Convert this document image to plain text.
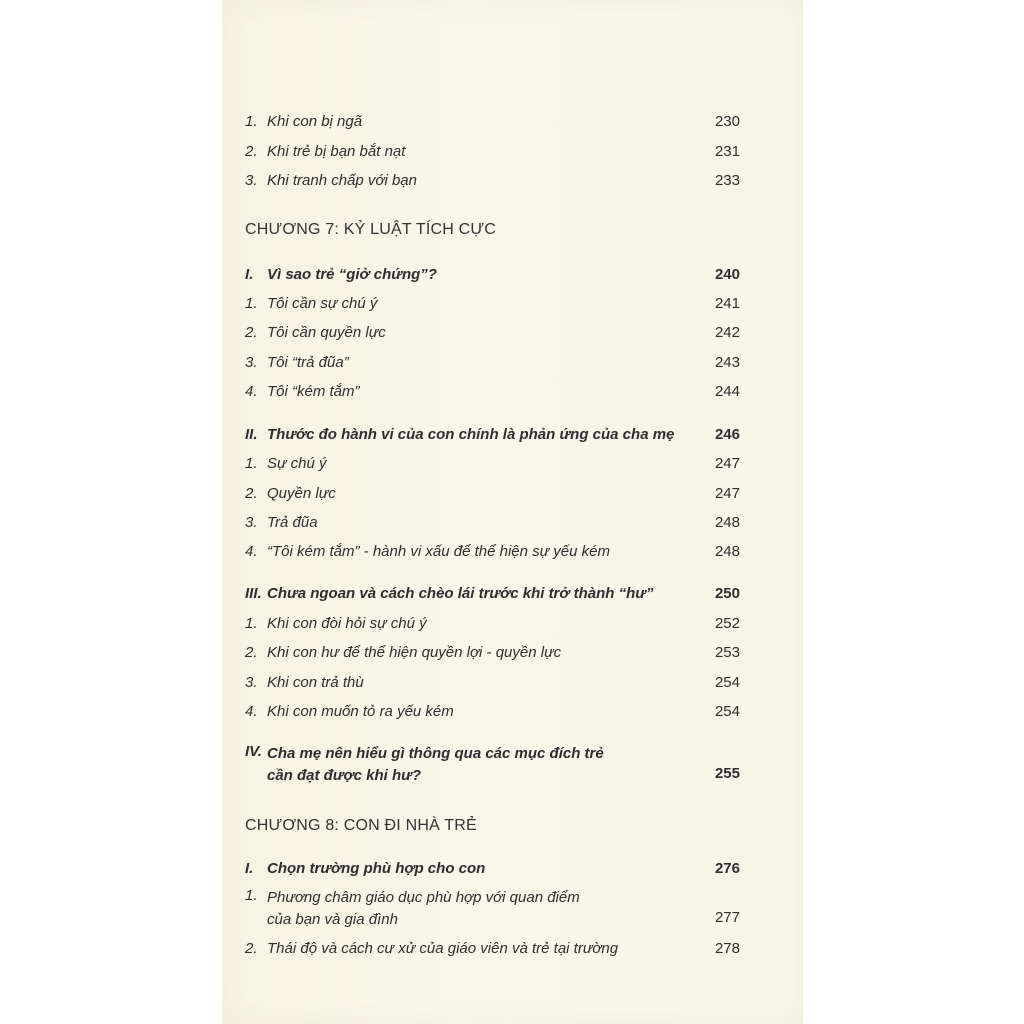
1. Khi con bị ngã	230
2. Khi trẻ bị bạn bắt nạt	231
3. Khi tranh chấp với bạn	233
CHƯƠNG 7: KỶ LUẬT TÍCH CỰC
I. Vì sao trẻ “giở chứng”?	240
1. Tôi cần sự chú ý	241
2. Tôi cần quyền lực	242
3. Tôi “trả đũa”	243
4. Tôi “kém tắm”	244
II. Thước đo hành vi của con chính là phản ứng của cha mẹ	246
1. Sự chú ý	247
2. Quyền lực	247
3. Trả đũa	248
4. “Tôi kém tắm” - hành vi xấu để thể hiện sự yếu kém	248
III. Chưa ngoan và cách chèo lái trước khi trở thành “hư”	250
1. Khi con đòi hỏi sự chú ý	252
2. Khi con hư để thể hiện quyền lợi - quyền lực	253
3. Khi con trả thù	254
4. Khi con muốn tỏ ra yếu kém	254
IV. Cha mẹ nên hiểu gì thông qua các mục đích trẻ cần đạt được khi hư?	255
CHƯƠNG 8: CON ĐI NHÀ TRẺ
I. Chọn trường phù hợp cho con	276
1. Phương châm giáo dục phù hợp với quan điểm của bạn và gia đình	277
2. Thái độ và cách cư xử của giáo viên và trẻ tại trường	278
